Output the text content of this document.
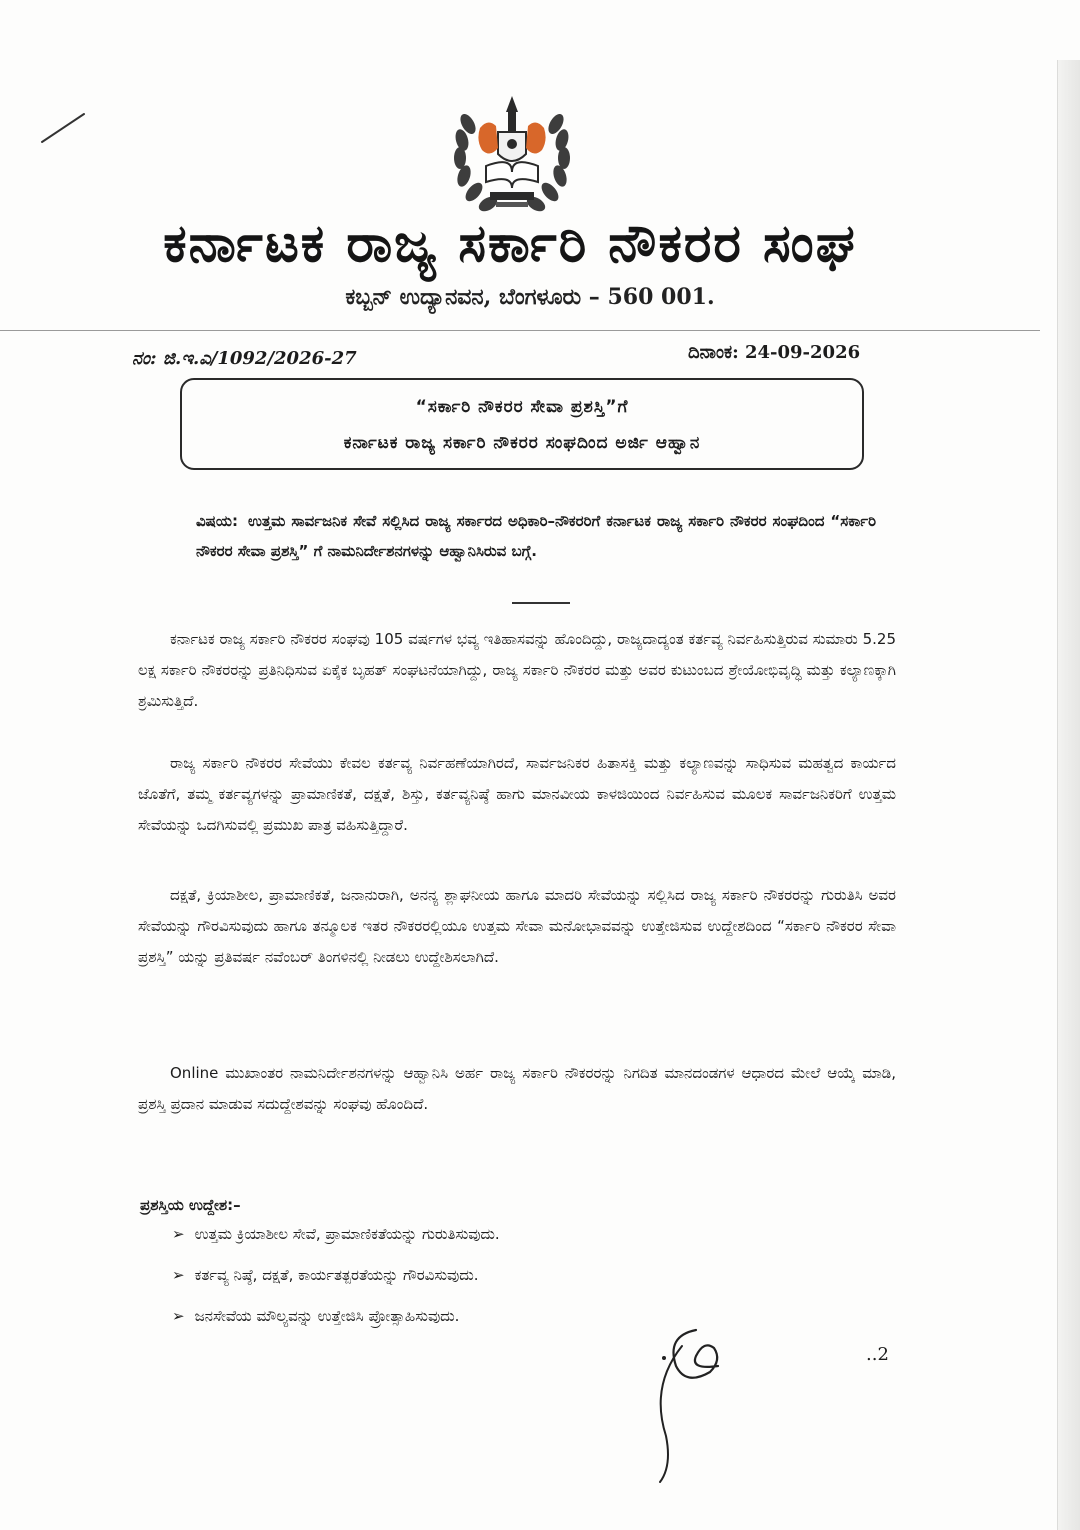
ಕರ್ನಾಟಕ ರಾಜ್ಯ ಸರ್ಕಾರಿ ನೌಕರರ ಸಂಘ
ಕಬ್ಬನ್ ಉದ್ಯಾನವನ, ಬೆಂಗಳೂರು – 560 001.
ನಂ: ಜಿ.ಇ.ಎ/1092/2026-27	ದಿನಾಂಕ: 24-09-2026
“ಸರ್ಕಾರಿ ನೌಕರರ ಸೇವಾ ಪ್ರಶಸ್ತಿ”ಗೆ
ಕರ್ನಾಟಕ ರಾಜ್ಯ ಸರ್ಕಾರಿ ನೌಕರರ ಸಂಘದಿಂದ ಅರ್ಜಿ ಆಹ್ವಾನ
ವಿಷಯ: ಉತ್ತಮ ಸಾರ್ವಜನಿಕ ಸೇವೆ ಸಲ್ಲಿಸಿದ ರಾಜ್ಯ ಸರ್ಕಾರದ ಅಧಿಕಾರಿ–ನೌಕರರಿಗೆ ಕರ್ನಾಟಕ ರಾಜ್ಯ ಸರ್ಕಾರಿ ನೌಕರರ ಸಂಘದಿಂದ “ಸರ್ಕಾರಿ ನೌಕರರ ಸೇವಾ ಪ್ರಶಸ್ತಿ” ಗೆ ನಾಮನಿರ್ದೇಶನಗಳನ್ನು ಆಹ್ವಾನಿಸಿರುವ ಬಗ್ಗೆ.

ಕರ್ನಾಟಕ ರಾಜ್ಯ ಸರ್ಕಾರಿ ನೌಕರರ ಸಂಘವು 105 ವರ್ಷಗಳ ಭವ್ಯ ಇತಿಹಾಸವನ್ನು ಹೊಂದಿದ್ದು, ರಾಜ್ಯದಾದ್ಯಂತ ಕರ್ತವ್ಯ ನಿರ್ವಹಿಸುತ್ತಿರುವ ಸುಮಾರು 5.25 ಲಕ್ಷ ಸರ್ಕಾರಿ ನೌಕರರನ್ನು ಪ್ರತಿನಿಧಿಸುವ ಏಕೈಕ ಬೃಹತ್ ಸಂಘಟನೆಯಾಗಿದ್ದು, ರಾಜ್ಯ ಸರ್ಕಾರಿ ನೌಕರರ ಮತ್ತು ಅವರ ಕುಟುಂಬದ ಶ್ರೇಯೋಭಿವೃದ್ಧಿ ಮತ್ತು ಕಲ್ಯಾಣಕ್ಕಾಗಿ ಶ್ರಮಿಸುತ್ತಿದೆ.

ರಾಜ್ಯ ಸರ್ಕಾರಿ ನೌಕರರ ಸೇವೆಯು ಕೇವಲ ಕರ್ತವ್ಯ ನಿರ್ವಹಣೆಯಾಗಿರದೆ, ಸಾರ್ವಜನಿಕರ ಹಿತಾಸಕ್ತಿ ಮತ್ತು ಕಲ್ಯಾಣವನ್ನು ಸಾಧಿಸುವ ಮಹತ್ವದ ಕಾರ್ಯದ ಜೊತೆಗೆ, ತಮ್ಮ ಕರ್ತವ್ಯಗಳನ್ನು ಪ್ರಾಮಾಣಿಕತೆ, ದಕ್ಷತೆ, ಶಿಸ್ತು, ಕರ್ತವ್ಯನಿಷ್ಠೆ ಹಾಗು ಮಾನವೀಯ ಕಾಳಜಿಯಿಂದ ನಿರ್ವಹಿಸುವ ಮೂಲಕ ಸಾರ್ವಜನಿಕರಿಗೆ ಉತ್ತಮ ಸೇವೆಯನ್ನು ಒದಗಿಸುವಲ್ಲಿ ಪ್ರಮುಖ ಪಾತ್ರ ವಹಿಸುತ್ತಿದ್ದಾರೆ.

ದಕ್ಷತೆ, ಕ್ರಿಯಾಶೀಲ, ಪ್ರಾಮಾಣಿಕತೆ, ಜನಾನುರಾಗಿ, ಅನನ್ಯ ಶ್ಲಾಘನೀಯ ಹಾಗೂ ಮಾದರಿ ಸೇವೆಯನ್ನು ಸಲ್ಲಿಸಿದ ರಾಜ್ಯ ಸರ್ಕಾರಿ ನೌಕರರನ್ನು ಗುರುತಿಸಿ ಅವರ ಸೇವೆಯನ್ನು ಗೌರವಿಸುವುದು ಹಾಗೂ ತನ್ಮೂಲಕ ಇತರ ನೌಕರರಲ್ಲಿಯೂ ಉತ್ತಮ ಸೇವಾ ಮನೋಭಾವವನ್ನು ಉತ್ತೇಜಿಸುವ ಉದ್ದೇಶದಿಂದ “ಸರ್ಕಾರಿ ನೌಕರರ ಸೇವಾ ಪ್ರಶಸ್ತಿ” ಯನ್ನು ಪ್ರತಿವರ್ಷ ನವೆಂಬರ್ ತಿಂಗಳಿನಲ್ಲಿ ನೀಡಲು ಉದ್ದೇಶಿಸಲಾಗಿದೆ.

Online ಮುಖಾಂತರ ನಾಮನಿರ್ದೇಶನಗಳನ್ನು ಆಹ್ವಾನಿಸಿ ಅರ್ಹ ರಾಜ್ಯ ಸರ್ಕಾರಿ ನೌಕರರನ್ನು ನಿಗದಿತ ಮಾನದಂಡಗಳ ಆಧಾರದ ಮೇಲೆ ಆಯ್ಕೆ ಮಾಡಿ, ಪ್ರಶಸ್ತಿ ಪ್ರದಾನ ಮಾಡುವ ಸದುದ್ದೇಶವನ್ನು ಸಂಘವು ಹೊಂದಿದೆ.

ಪ್ರಶಸ್ತಿಯ ಉದ್ದೇಶ:–
➢ ಉತ್ತಮ ಕ್ರಿಯಾಶೀಲ ಸೇವೆ, ಪ್ರಾಮಾಣಿಕತೆಯನ್ನು ಗುರುತಿಸುವುದು.
➢ ಕರ್ತವ್ಯ ನಿಷ್ಠೆ, ದಕ್ಷತೆ, ಕಾರ್ಯತತ್ಪರತೆಯನ್ನು ಗೌರವಿಸುವುದು.
➢ ಜನಸೇವೆಯ ಮೌಲ್ಯವನ್ನು ಉತ್ತೇಜಿಸಿ ಪ್ರೋತ್ಸಾಹಿಸುವುದು.
..2
